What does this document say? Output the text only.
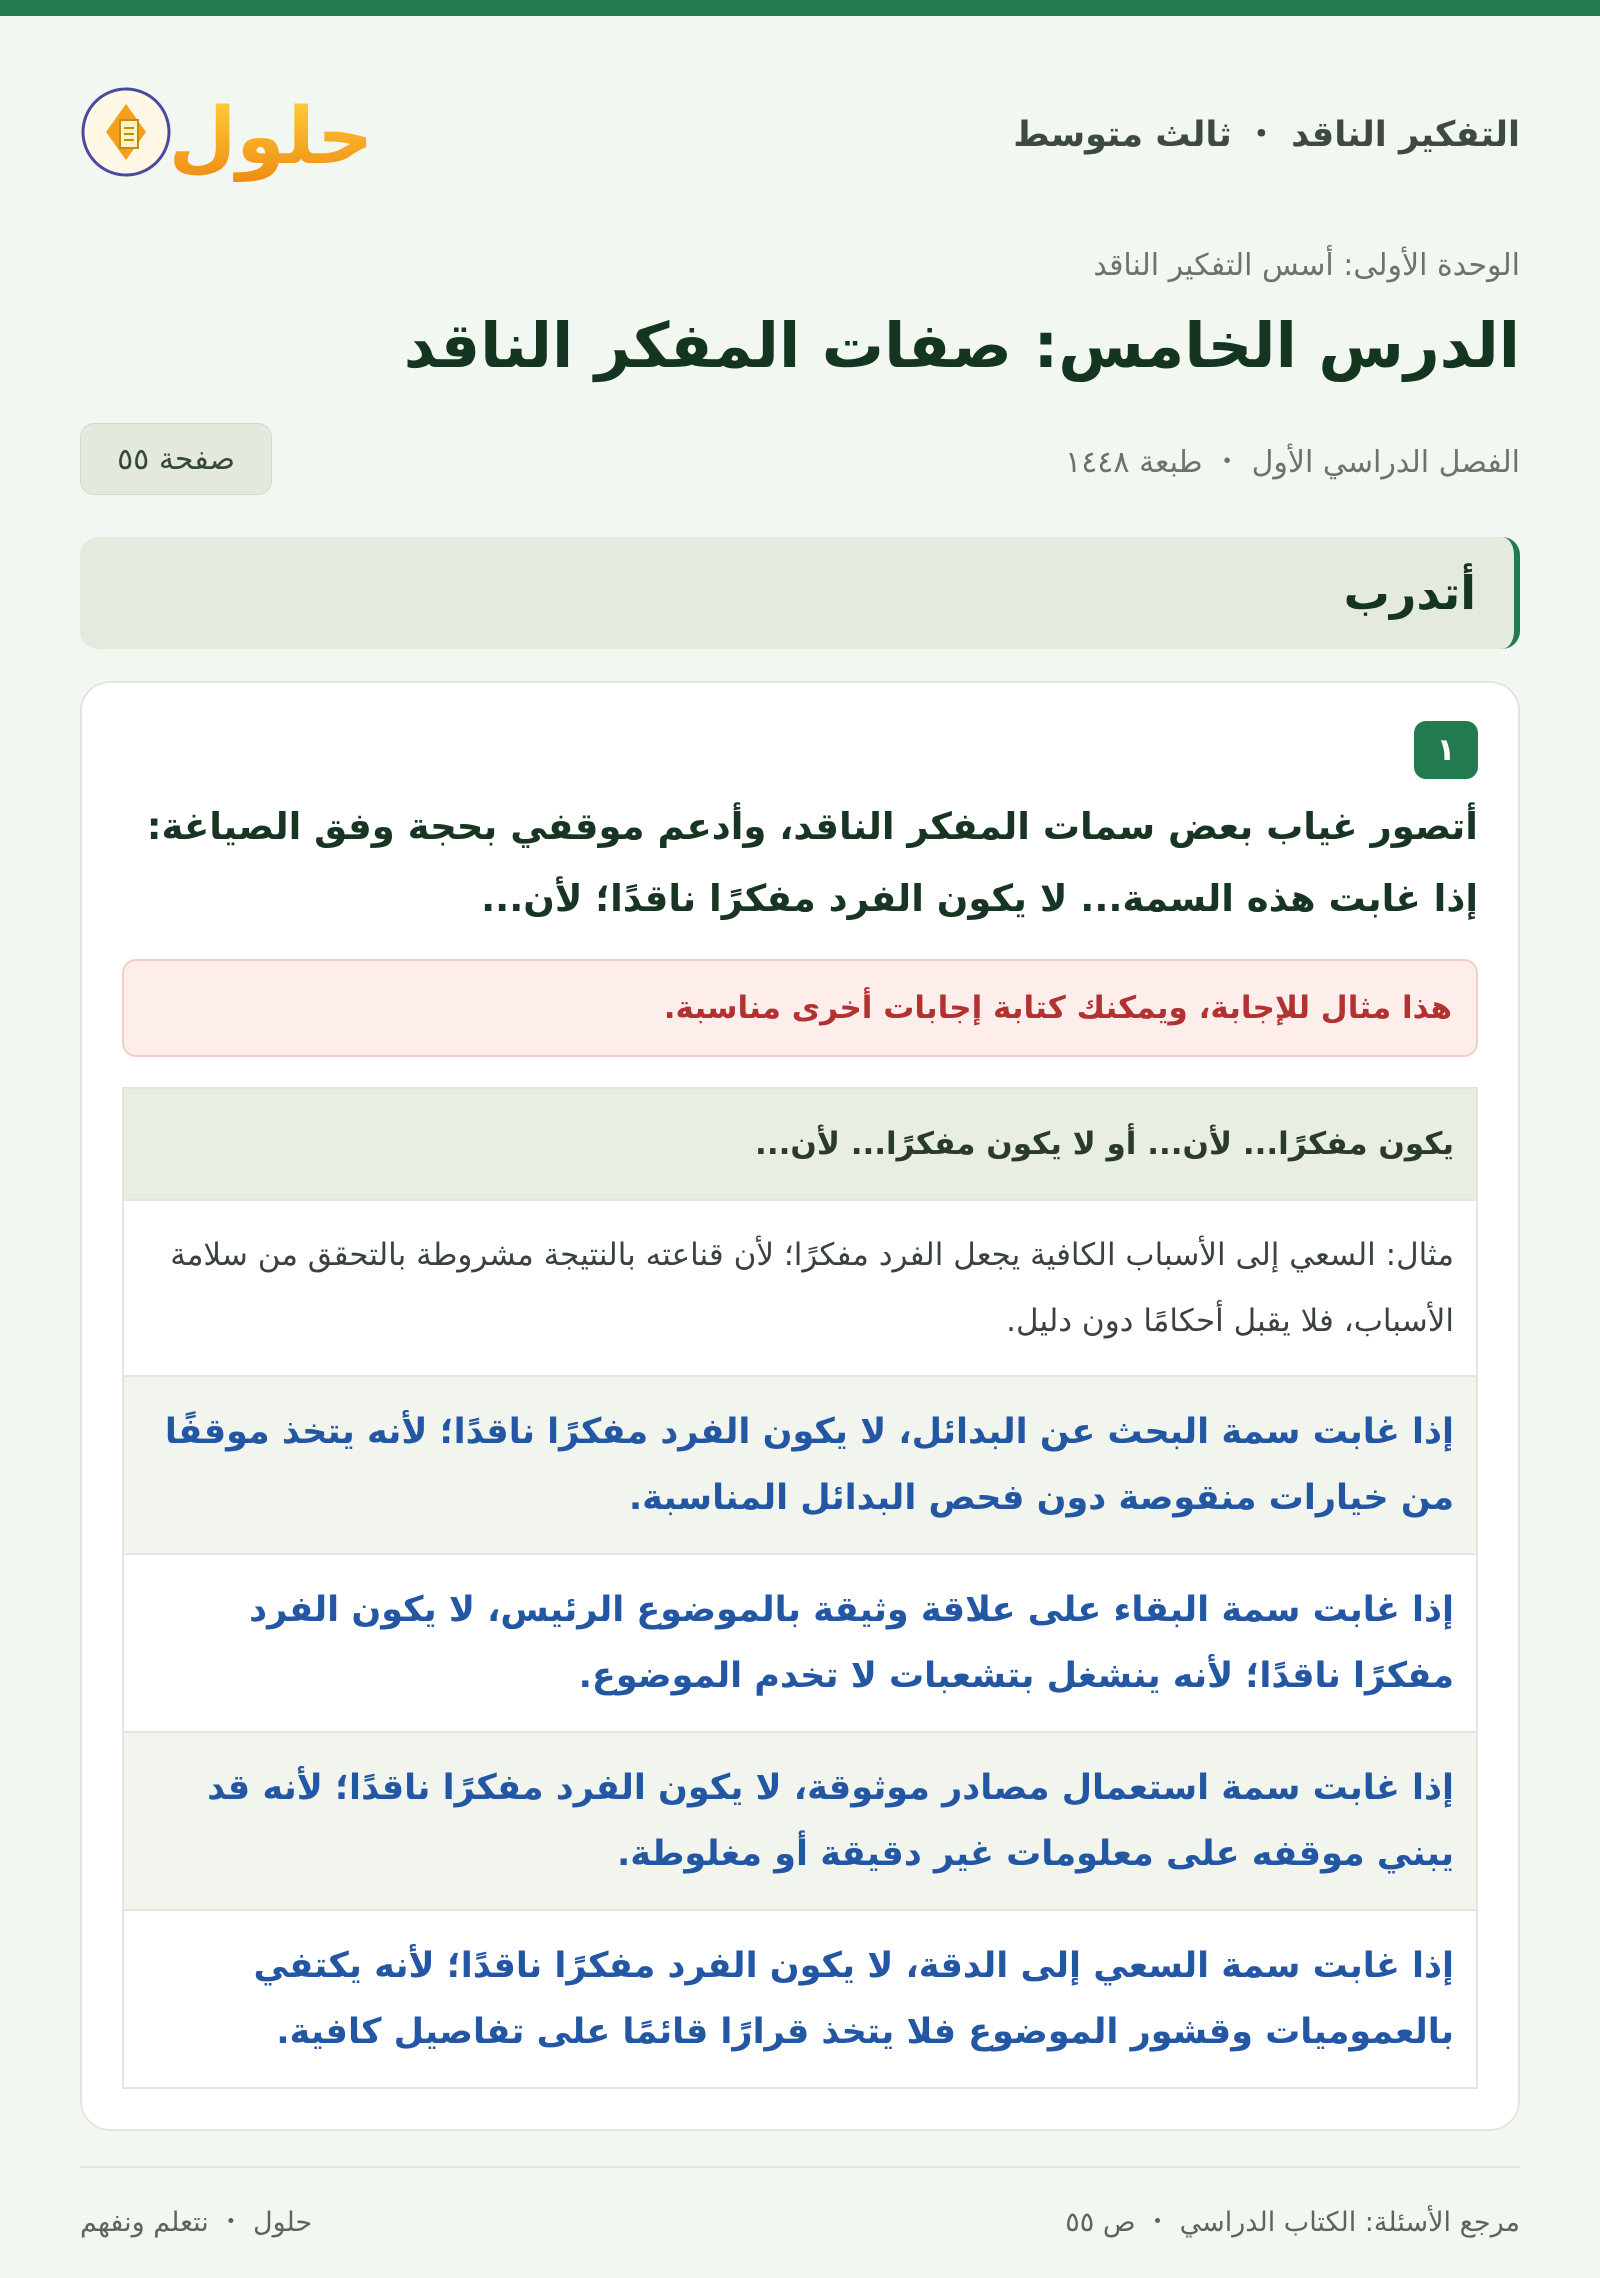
التفكير الناقد ・ ثالث متوسط
حلول
الوحدة الأولى: أسس التفكير الناقد
الدرس الخامس: صفات المفكر الناقد
الفصل الدراسي الأول ・ طبعة ١٤٤٨
صفحة ٥٥
أتدرب
١
أتصور غياب بعض سمات المفكر الناقد، وأدعم موقفي بحجة وفق الصياغة: إذا غابت هذه السمة... لا يكون الفرد مفكرًا ناقدًا؛ لأن...
هذا مثال للإجابة، ويمكنك كتابة إجابات أخرى مناسبة.
يكون مفكرًا... لأن... أو لا يكون مفكرًا... لأن...
مثال: السعي إلى الأسباب الكافية يجعل الفرد مفكرًا؛ لأن قناعته بالنتيجة مشروطة بالتحقق من سلامة الأسباب، فلا يقبل أحكامًا دون دليل.
إذا غابت سمة البحث عن البدائل، لا يكون الفرد مفكرًا ناقدًا؛ لأنه يتخذ موقفًا من خيارات منقوصة دون فحص البدائل المناسبة.
إذا غابت سمة البقاء على علاقة وثيقة بالموضوع الرئيس، لا يكون الفرد مفكرًا ناقدًا؛ لأنه ينشغل بتشعبات لا تخدم الموضوع.
إذا غابت سمة استعمال مصادر موثوقة، لا يكون الفرد مفكرًا ناقدًا؛ لأنه قد يبني موقفه على معلومات غير دقيقة أو مغلوطة.
إذا غابت سمة السعي إلى الدقة، لا يكون الفرد مفكرًا ناقدًا؛ لأنه يكتفي بالعموميات وقشور الموضوع فلا يتخذ قرارًا قائمًا على تفاصيل كافية.
مرجع الأسئلة: الكتاب الدراسي ・ ص ٥٥
حلول ・ نتعلم ونفهم
